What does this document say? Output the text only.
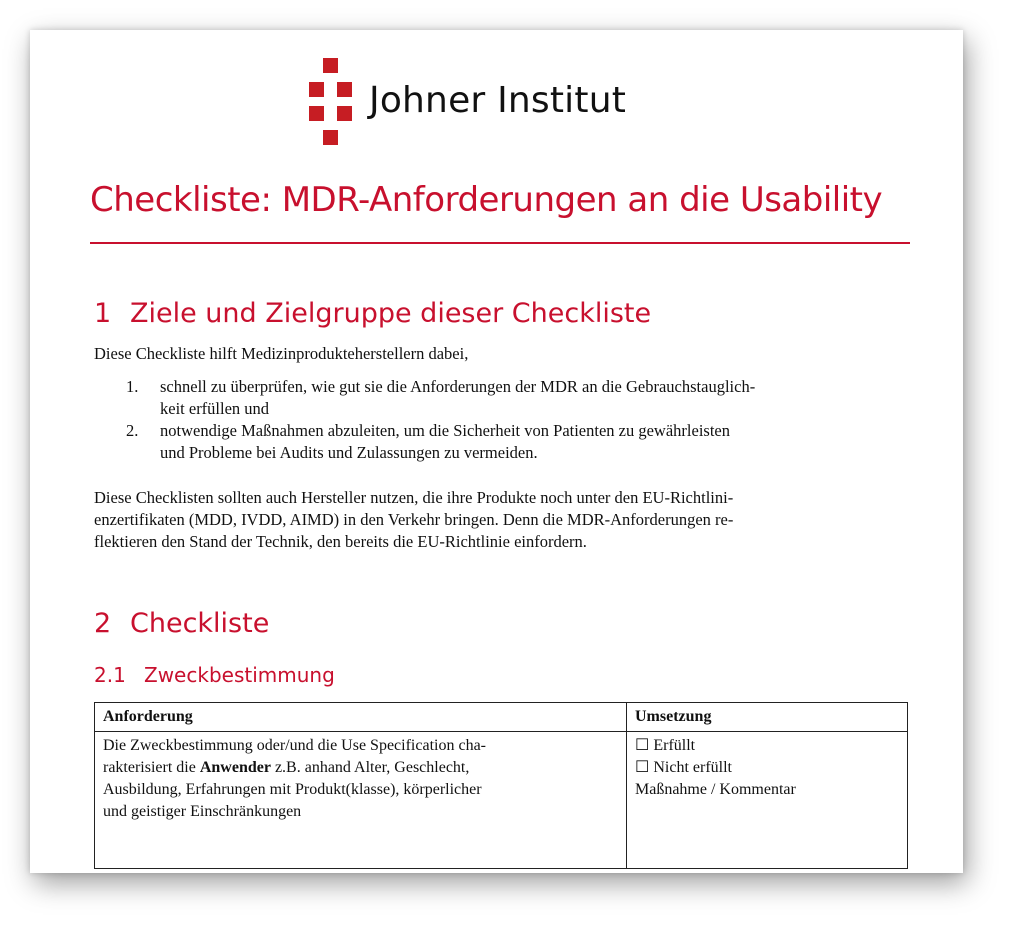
Johner Institut
Checkliste: MDR-Anforderungen an die Usability
1 Ziele und Zielgruppe dieser Checkliste
Diese Checkliste hilft Medizinprodukteherstellern dabei,
1. schnell zu überprüfen, wie gut sie die Anforderungen der MDR an die Gebrauchstauglich-
keit erfüllen und
2. notwendige Maßnahmen abzuleiten, um die Sicherheit von Patienten zu gewährleisten
und Probleme bei Audits und Zulassungen zu vermeiden.
Diese Checklisten sollten auch Hersteller nutzen, die ihre Produkte noch unter den EU-Richtlini-
enzertifikaten (MDD, IVDD, AIMD) in den Verkehr bringen. Denn die MDR-Anforderungen re-
flektieren den Stand der Technik, den bereits die EU-Richtlinie einfordern.
2 Checkliste
2.1 Zweckbestimmung
Anforderung	Umsetzung

Die Zweckbestimmung oder/und die Use Specification cha-
rakterisiert die Anwender z.B. anhand Alter, Geschlecht,
Ausbildung, Erfahrungen mit Produkt(klasse), körperlicher
und geistiger Einschränkungen	☐ Erfüllt
☐ Nicht erfüllt
Maßnahme / Kommentar
